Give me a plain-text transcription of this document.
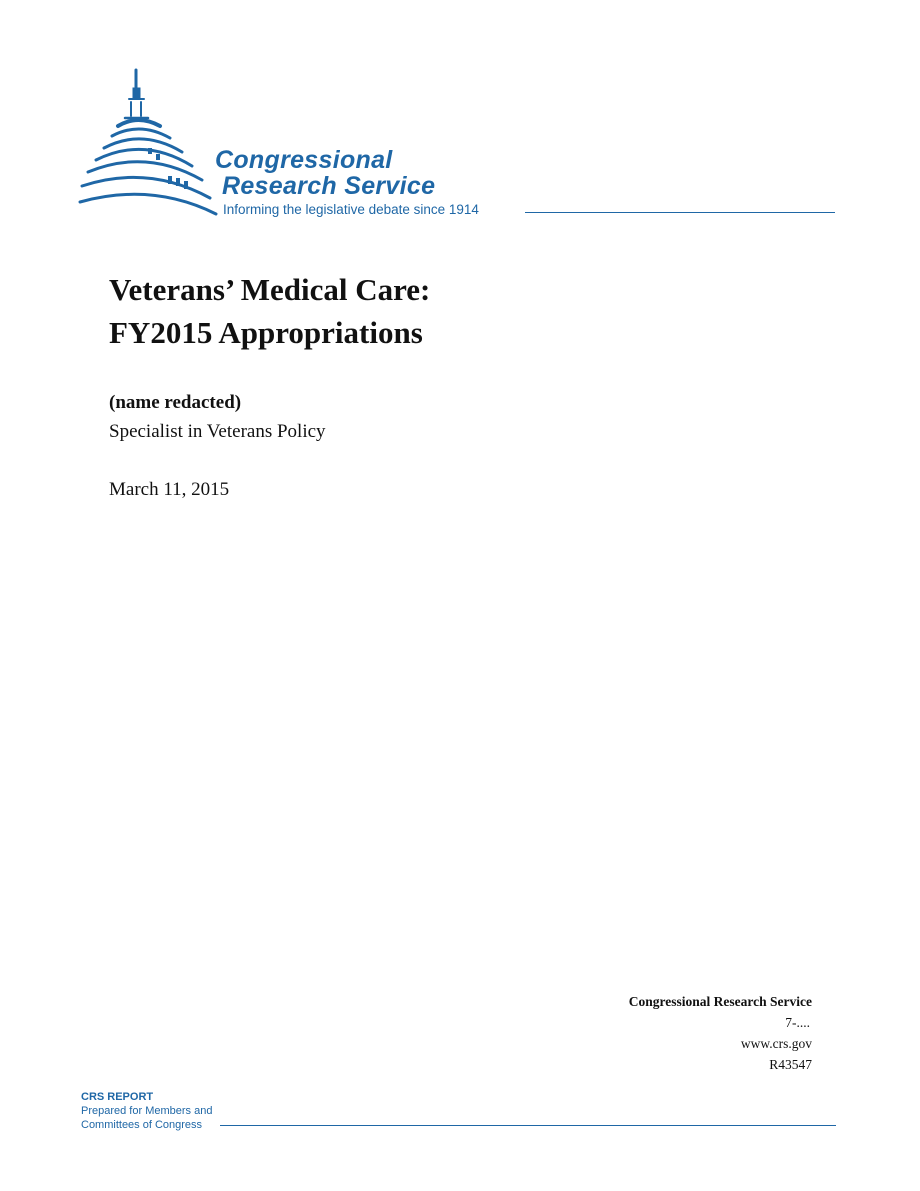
Congressional
Research Service
Informing the legislative debate since 1914
Veterans’ Medical Care:
FY2015 Appropriations
(name redacted)
Specialist in Veterans Policy
March 11, 2015
Congressional Research Service
7-....
www.crs.gov
R43547
CRS REPORT
Prepared for Members and
Committees of Congress
